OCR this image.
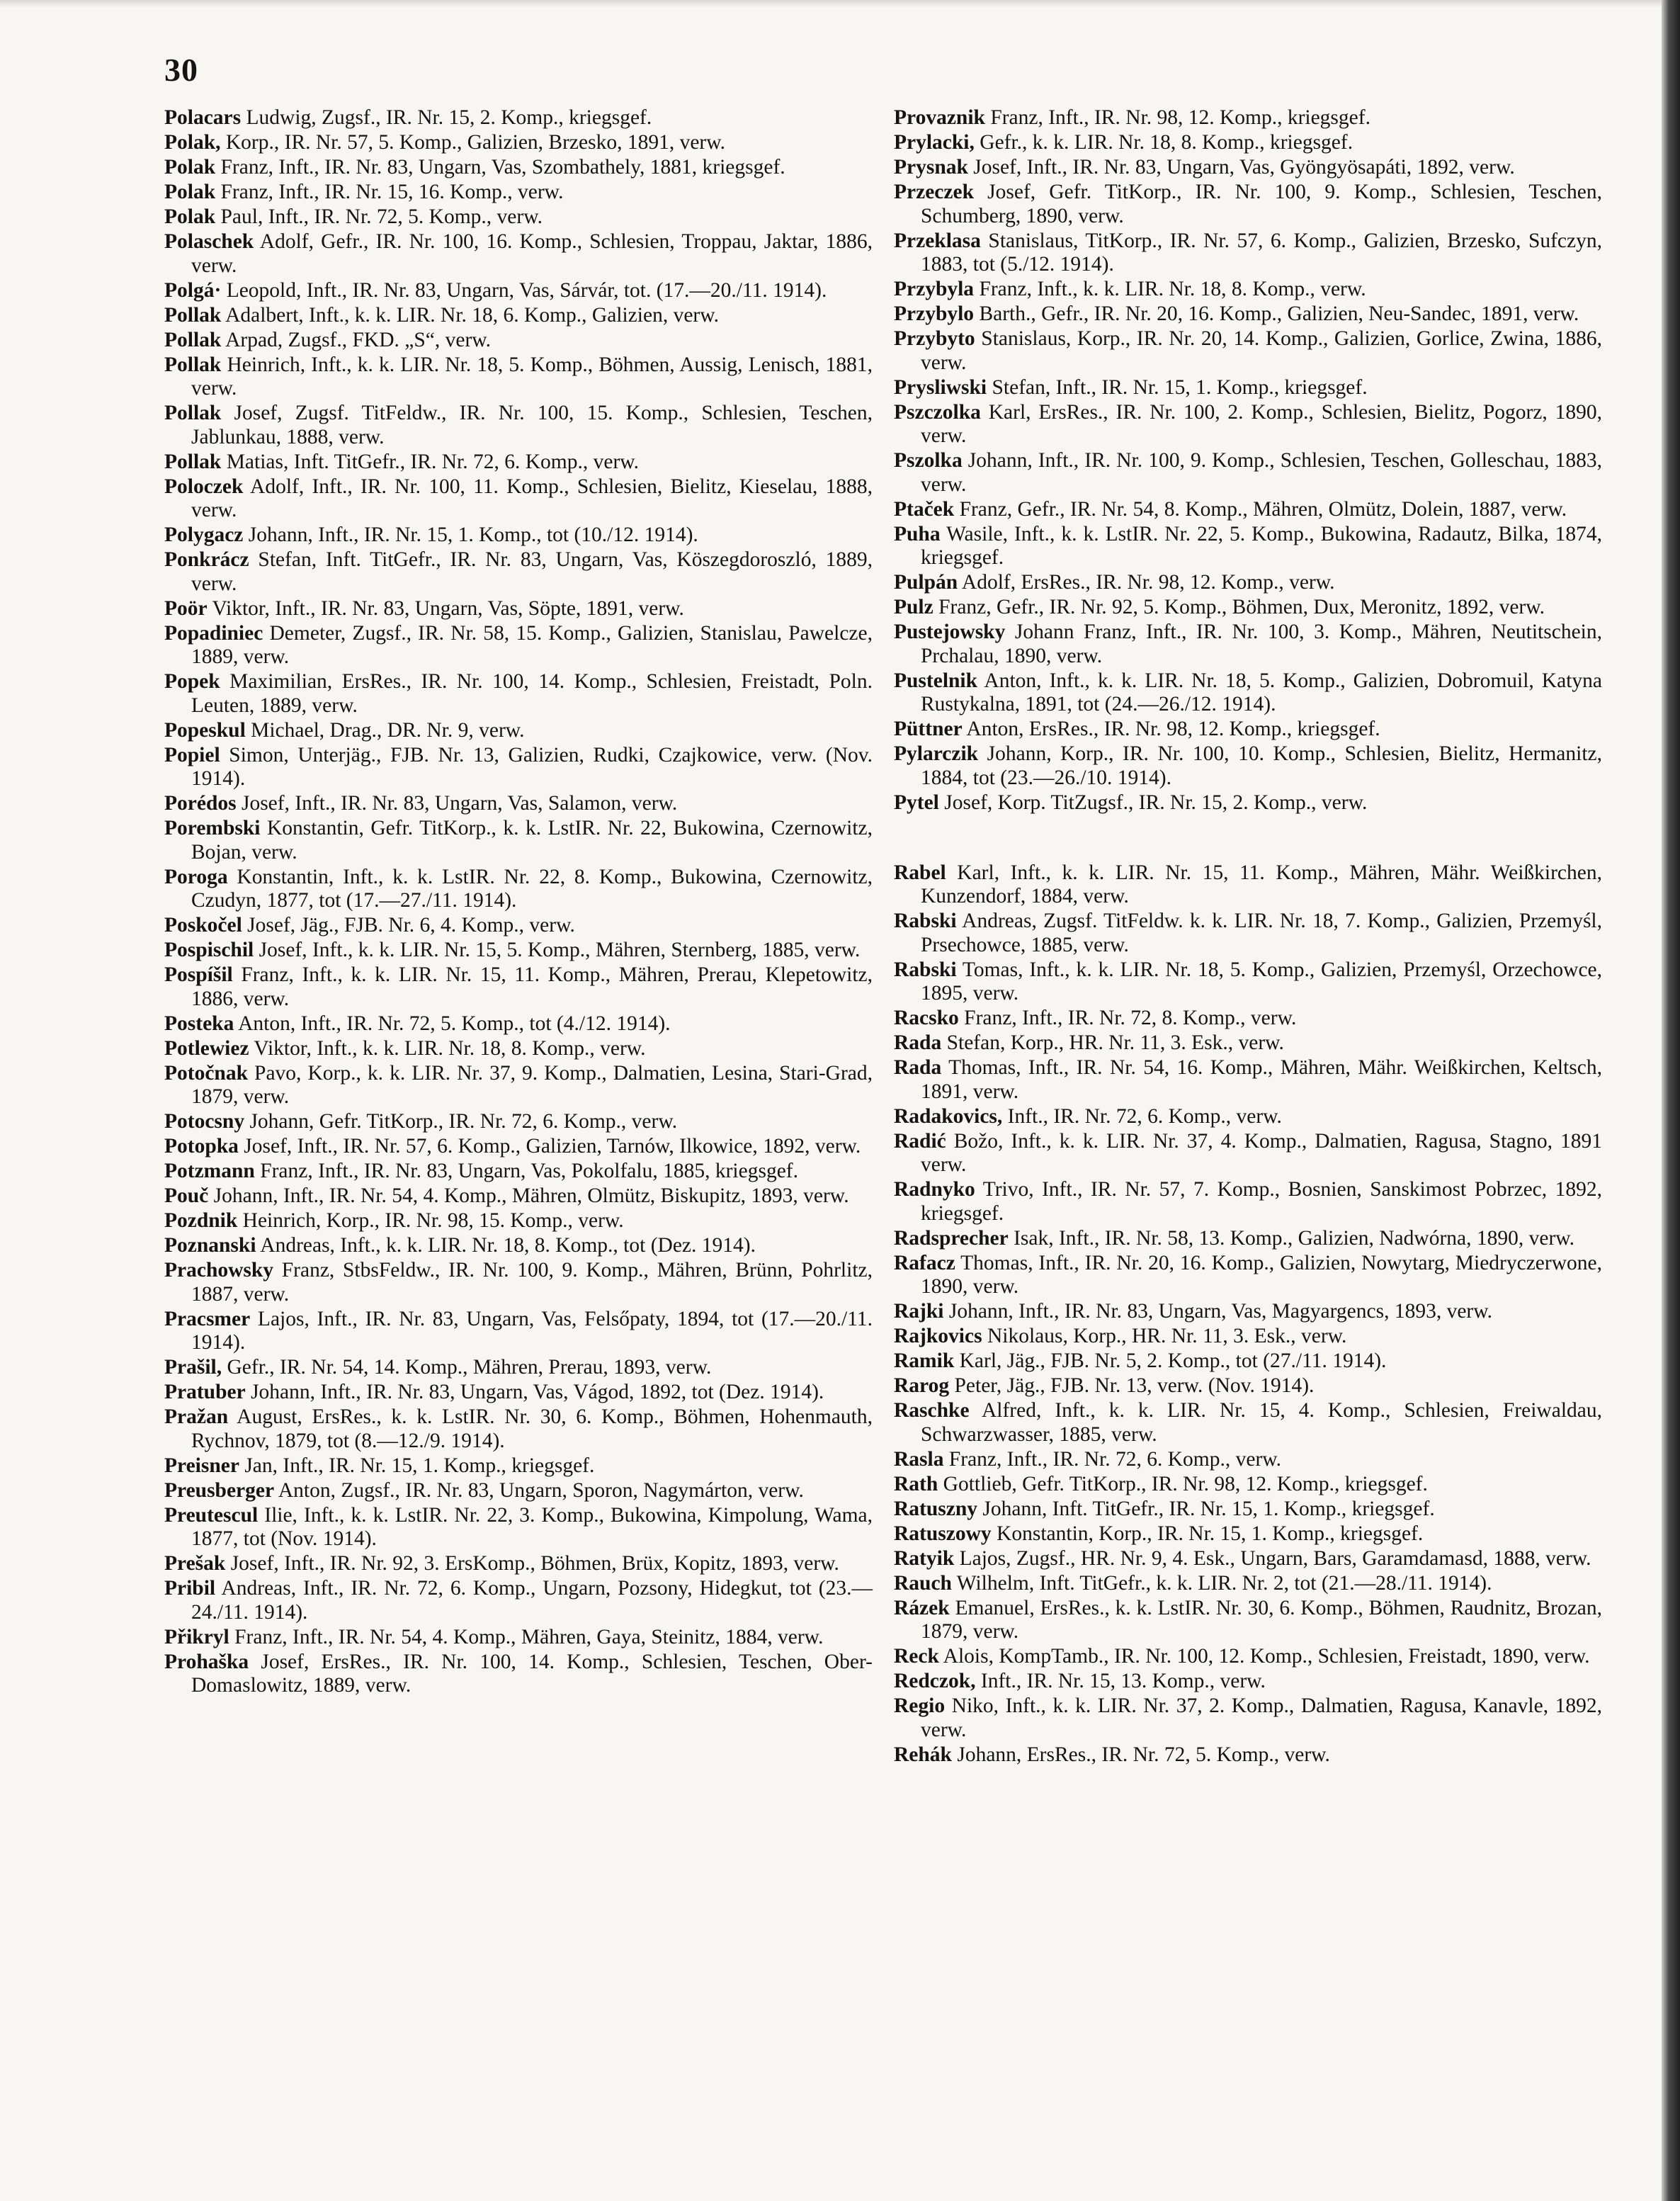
30

Polacars Ludwig, Zugsf., IR. Nr. 15, 2. Komp., kriegsgef.

Polak, Korp., IR. Nr. 57, 5. Komp., Galizien, Brzesko, 1891, verw.

Polak Franz, Inft., IR. Nr. 83, Ungarn, Vas, Szombathely, 1881, kriegsgef.

Polak Franz, Inft., IR. Nr. 15, 16. Komp., verw.

Polak Paul, Inft., IR. Nr. 72, 5. Komp., verw.

Polaschek Adolf, Gefr., IR. Nr. 100, 16. Komp., Schlesien, Troppau, Jaktar, 1886, verw.

Polgá· Leopold, Inft., IR. Nr. 83, Ungarn, Vas, Sárvár, tot. (17.—20./11. 1914).

Pollak Adalbert, Inft., k. k. LIR. Nr. 18, 6. Komp., Galizien, verw.

Pollak Arpad, Zugsf., FKD. „S“, verw.

Pollak Heinrich, Inft., k. k. LIR. Nr. 18, 5. Komp., Böhmen, Aussig, Lenisch, 1881, verw.

Pollak Josef, Zugsf. TitFeldw., IR. Nr. 100, 15. Komp., Schlesien, Teschen, Jablunkau, 1888, verw.

Pollak Matias, Inft. TitGefr., IR. Nr. 72, 6. Komp., verw.

Poloczek Adolf, Inft., IR. Nr. 100, 11. Komp., Schlesien, Bielitz, Kieselau, 1888, verw.

Polygacz Johann, Inft., IR. Nr. 15, 1. Komp., tot (10./12. 1914).

Ponkrácz Stefan, Inft. TitGefr., IR. Nr. 83, Ungarn, Vas, Köszegdoroszló, 1889, verw.

Poör Viktor, Inft., IR. Nr. 83, Ungarn, Vas, Söpte, 1891, verw.

Popadiniec Demeter, Zugsf., IR. Nr. 58, 15. Komp., Galizien, Stanislau, Pawelcze, 1889, verw.

Popek Maximilian, ErsRes., IR. Nr. 100, 14. Komp., Schlesien, Freistadt, Poln. Leuten, 1889, verw.

Popeskul Michael, Drag., DR. Nr. 9, verw.

Popiel Simon, Unterjäg., FJB. Nr. 13, Galizien, Rudki, Czajkowice, verw. (Nov. 1914).

Porédos Josef, Inft., IR. Nr. 83, Ungarn, Vas, Salamon, verw.

Porembski Konstantin, Gefr. TitKorp., k. k. LstIR. Nr. 22, Bukowina, Czernowitz, Bojan, verw.

Poroga Konstantin, Inft., k. k. LstIR. Nr. 22, 8. Komp., Bukowina, Czernowitz, Czudyn, 1877, tot (17.—27./11. 1914).

Poskočel Josef, Jäg., FJB. Nr. 6, 4. Komp., verw.

Pospischil Josef, Inft., k. k. LIR. Nr. 15, 5. Komp., Mähren, Sternberg, 1885, verw.

Pospíšil Franz, Inft., k. k. LIR. Nr. 15, 11. Komp., Mähren, Prerau, Klepetowitz, 1886, verw.

Posteka Anton, Inft., IR. Nr. 72, 5. Komp., tot (4./12. 1914).

Potlewiez Viktor, Inft., k. k. LIR. Nr. 18, 8. Komp., verw.

Potočnak Pavo, Korp., k. k. LIR. Nr. 37, 9. Komp., Dalmatien, Lesina, Stari-Grad, 1879, verw.

Potocsny Johann, Gefr. TitKorp., IR. Nr. 72, 6. Komp., verw.

Potopka Josef, Inft., IR. Nr. 57, 6. Komp., Galizien, Tarnów, Ilkowice, 1892, verw.

Potzmann Franz, Inft., IR. Nr. 83, Ungarn, Vas, Pokolfalu, 1885, kriegsgef.

Pouč Johann, Inft., IR. Nr. 54, 4. Komp., Mähren, Olmütz, Biskupitz, 1893, verw.

Pozdnik Heinrich, Korp., IR. Nr. 98, 15. Komp., verw.

Poznanski Andreas, Inft., k. k. LIR. Nr. 18, 8. Komp., tot (Dez. 1914).

Prachowsky Franz, StbsFeldw., IR. Nr. 100, 9. Komp., Mähren, Brünn, Pohrlitz, 1887, verw.

Pracsmer Lajos, Inft., IR. Nr. 83, Ungarn, Vas, Felsőpaty, 1894, tot (17.—20./11. 1914).

Prašil, Gefr., IR. Nr. 54, 14. Komp., Mähren, Prerau, 1893, verw.

Pratuber Johann, Inft., IR. Nr. 83, Ungarn, Vas, Vágod, 1892, tot (Dez. 1914).

Pražan August, ErsRes., k. k. LstIR. Nr. 30, 6. Komp., Böhmen, Hohenmauth, Rychnov, 1879, tot (8.—12./9. 1914).

Preisner Jan, Inft., IR. Nr. 15, 1. Komp., kriegsgef.

Preusberger Anton, Zugsf., IR. Nr. 83, Ungarn, Sporon, Nagymárton, verw.

Preutescul Ilie, Inft., k. k. LstIR. Nr. 22, 3. Komp., Bukowina, Kimpolung, Wama, 1877, tot (Nov. 1914).

Prešak Josef, Inft., IR. Nr. 92, 3. ErsKomp., Böhmen, Brüx, Kopitz, 1893, verw.

Pribil Andreas, Inft., IR. Nr. 72, 6. Komp., Ungarn, Pozsony, Hidegkut, tot (23.—24./11. 1914).

Přikryl Franz, Inft., IR. Nr. 54, 4. Komp., Mähren, Gaya, Steinitz, 1884, verw.

Prohaška Josef, ErsRes., IR. Nr. 100, 14. Komp., Schlesien, Teschen, Ober-Domaslowitz, 1889, verw.

Provaznik Franz, Inft., IR. Nr. 98, 12. Komp., kriegsgef.

Prylacki, Gefr., k. k. LIR. Nr. 18, 8. Komp., kriegsgef.

Prysnak Josef, Inft., IR. Nr. 83, Ungarn, Vas, Gyöngyösapáti, 1892, verw.

Przeczek Josef, Gefr. TitKorp., IR. Nr. 100, 9. Komp., Schlesien, Teschen, Schumberg, 1890, verw.

Przeklasa Stanislaus, TitKorp., IR. Nr. 57, 6. Komp., Galizien, Brzesko, Sufczyn, 1883, tot (5./12. 1914).

Przybyla Franz, Inft., k. k. LIR. Nr. 18, 8. Komp., verw.

Przybylo Barth., Gefr., IR. Nr. 20, 16. Komp., Galizien, Neu-Sandec, 1891, verw.

Przybyto Stanislaus, Korp., IR. Nr. 20, 14. Komp., Galizien, Gorlice, Zwina, 1886, verw.

Prysliwski Stefan, Inft., IR. Nr. 15, 1. Komp., kriegsgef.

Pszczolka Karl, ErsRes., IR. Nr. 100, 2. Komp., Schlesien, Bielitz, Pogorz, 1890, verw.

Pszolka Johann, Inft., IR. Nr. 100, 9. Komp., Schlesien, Teschen, Golleschau, 1883, verw.

Ptaček Franz, Gefr., IR. Nr. 54, 8. Komp., Mähren, Olmütz, Dolein, 1887, verw.

Puha Wasile, Inft., k. k. LstIR. Nr. 22, 5. Komp., Bukowina, Radautz, Bilka, 1874, kriegsgef.

Pulpán Adolf, ErsRes., IR. Nr. 98, 12. Komp., verw.

Pulz Franz, Gefr., IR. Nr. 92, 5. Komp., Böhmen, Dux, Meronitz, 1892, verw.

Pustejowsky Johann Franz, Inft., IR. Nr. 100, 3. Komp., Mähren, Neutitschein, Prchalau, 1890, verw.

Pustelnik Anton, Inft., k. k. LIR. Nr. 18, 5. Komp., Galizien, Dobromuil, Katyna Rustykalna, 1891, tot (24.—26./12. 1914).

Püttner Anton, ErsRes., IR. Nr. 98, 12. Komp., kriegsgef.

Pylarczik Johann, Korp., IR. Nr. 100, 10. Komp., Schlesien, Bielitz, Hermanitz, 1884, tot (23.—26./10. 1914).

Pytel Josef, Korp. TitZugsf., IR. Nr. 15, 2. Komp., verw.

Rabel Karl, Inft., k. k. LIR. Nr. 15, 11. Komp., Mähren, Mähr. Weißkirchen, Kunzendorf, 1884, verw.

Rabski Andreas, Zugsf. TitFeldw. k. k. LIR. Nr. 18, 7. Komp., Galizien, Przemyśl, Prsechowce, 1885, verw.

Rabski Tomas, Inft., k. k. LIR. Nr. 18, 5. Komp., Galizien, Przemyśl, Orzechowce, 1895, verw.

Racsko Franz, Inft., IR. Nr. 72, 8. Komp., verw.

Rada Stefan, Korp., HR. Nr. 11, 3. Esk., verw.

Rada Thomas, Inft., IR. Nr. 54, 16. Komp., Mähren, Mähr. Weißkirchen, Keltsch, 1891, verw.

Radakovics, Inft., IR. Nr. 72, 6. Komp., verw.

Radić Božo, Inft., k. k. LIR. Nr. 37, 4. Komp., Dalmatien, Ragusa, Stagno, 1891 verw.

Radnyko Trivo, Inft., IR. Nr. 57, 7. Komp., Bosnien, Sanskimost Pobrzec, 1892, kriegsgef.

Radsprecher Isak, Inft., IR. Nr. 58, 13. Komp., Galizien, Nadwórna, 1890, verw.

Rafacz Thomas, Inft., IR. Nr. 20, 16. Komp., Galizien, Nowytarg, Miedryczerwone, 1890, verw.

Rajki Johann, Inft., IR. Nr. 83, Ungarn, Vas, Magyargencs, 1893, verw.

Rajkovics Nikolaus, Korp., HR. Nr. 11, 3. Esk., verw.

Ramik Karl, Jäg., FJB. Nr. 5, 2. Komp., tot (27./11. 1914).

Rarog Peter, Jäg., FJB. Nr. 13, verw. (Nov. 1914).

Raschke Alfred, Inft., k. k. LIR. Nr. 15, 4. Komp., Schlesien, Freiwaldau, Schwarzwasser, 1885, verw.

Rasla Franz, Inft., IR. Nr. 72, 6. Komp., verw.

Rath Gottlieb, Gefr. TitKorp., IR. Nr. 98, 12. Komp., kriegsgef.

Ratuszny Johann, Inft. TitGefr., IR. Nr. 15, 1. Komp., kriegsgef.

Ratuszowy Konstantin, Korp., IR. Nr. 15, 1. Komp., kriegsgef.

Ratyik Lajos, Zugsf., HR. Nr. 9, 4. Esk., Ungarn, Bars, Garamdamasd, 1888, verw.

Rauch Wilhelm, Inft. TitGefr., k. k. LIR. Nr. 2, tot (21.—28./11. 1914).

Rázek Emanuel, ErsRes., k. k. LstIR. Nr. 30, 6. Komp., Böhmen, Raudnitz, Brozan, 1879, verw.

Reck Alois, KompTamb., IR. Nr. 100, 12. Komp., Schlesien, Freistadt, 1890, verw.

Redczok, Inft., IR. Nr. 15, 13. Komp., verw.

Regio Niko, Inft., k. k. LIR. Nr. 37, 2. Komp., Dalmatien, Ragusa, Kanavle, 1892, verw.

Rehák Johann, ErsRes., IR. Nr. 72, 5. Komp., verw.
